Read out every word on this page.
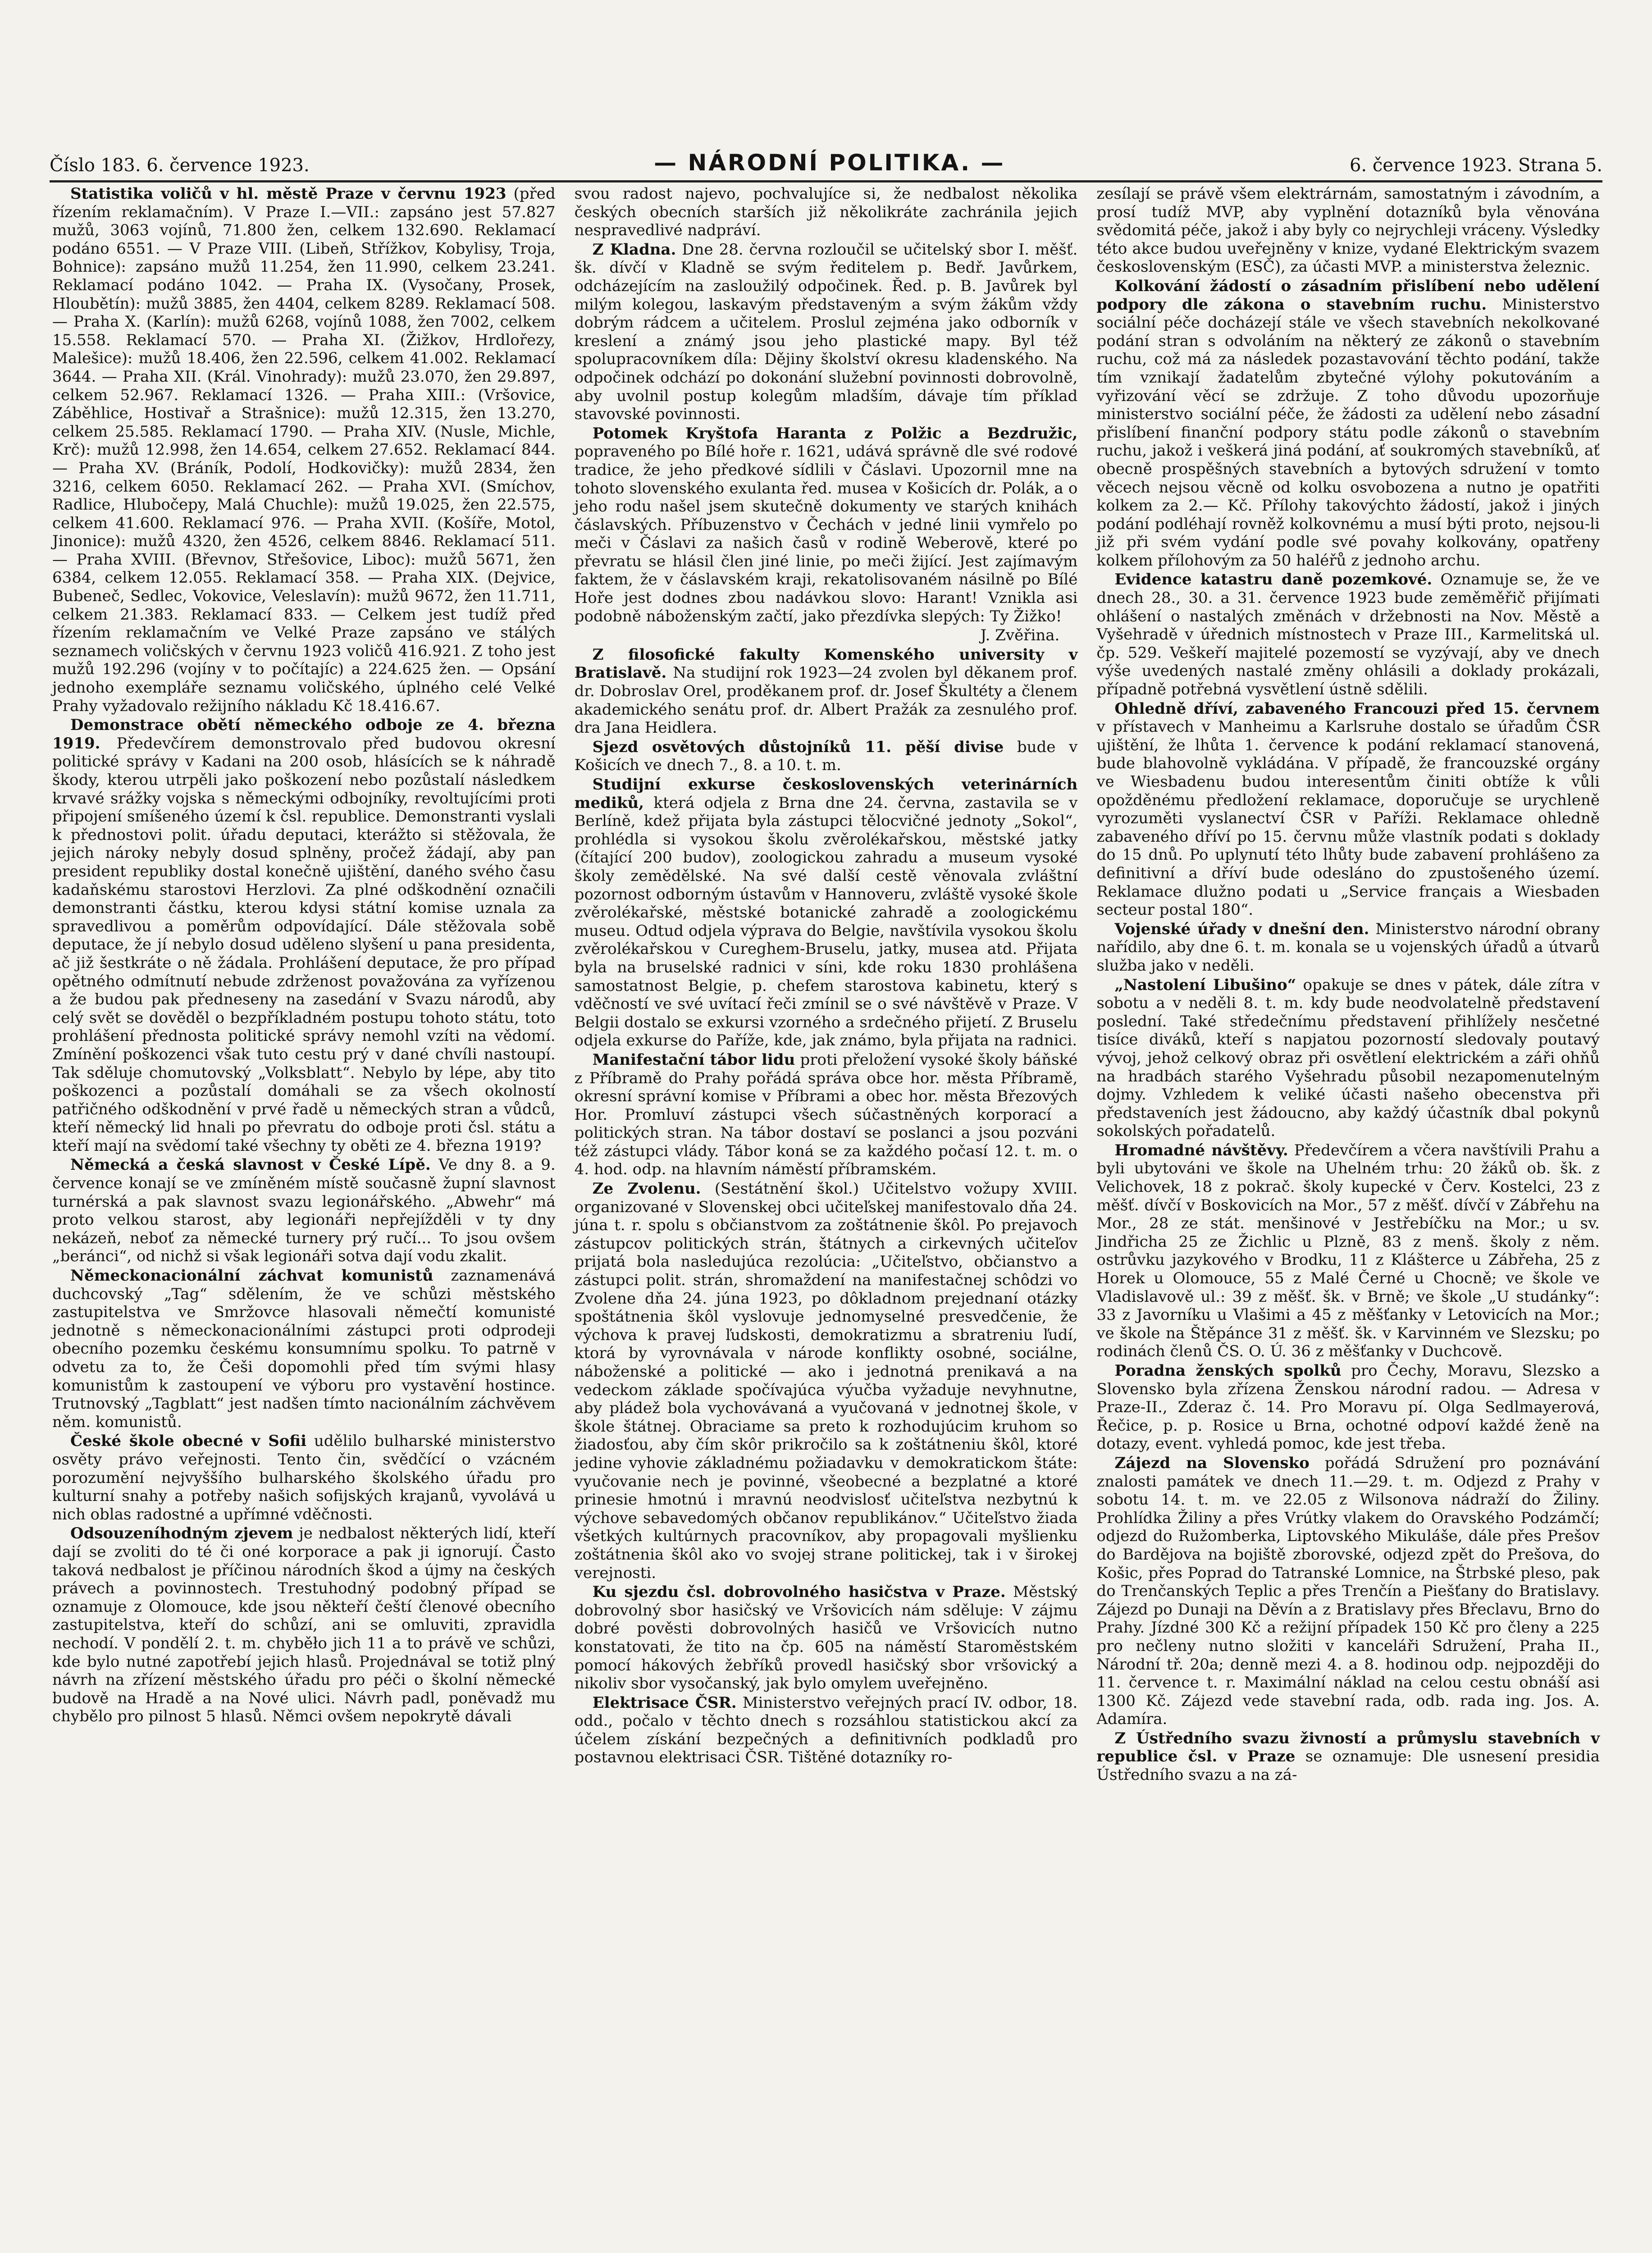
Číslo 183. 6. července 1923.	— NÁRODNÍ POLITIKA. —	6. července 1923. Strana 5.

Statistika voličů v hl. městě Praze v červnu 1923 (před řízením reklamačním). V Praze I.—VII.: zapsáno jest 57.827 mužů, 3063 vojínů, 71.800 žen, celkem 132.690. Reklamací podáno 6551. — V Praze VIII. (Libeň, Střížkov, Kobylisy, Troja, Bohnice): zapsáno mužů 11.254, žen 11.990, celkem 23.241. Reklamací podáno 1042. — Praha IX. (Vysočany, Prosek, Hloubětín): mužů 3885, žen 4404, celkem 8289. Reklamací 508. — Praha X. (Karlín): mužů 6268, vojínů 1088, žen 7002, celkem 15.558. Reklamací 570. — Praha XI. (Žižkov, Hrdlořezy, Malešice): mužů 18.406, žen 22.596, celkem 41.002. Reklamací 3644. — Praha XII. (Král. Vinohrady): mužů 23.070, žen 29.897, celkem 52.967. Reklamací 1326. — Praha XIII.: (Vršovice, Záběhlice, Hostivař a Strašnice): mužů 12.315, žen 13.270, celkem 25.585. Reklamací 1790. — Praha XIV. (Nusle, Michle, Krč): mužů 12.998, žen 14.654, celkem 27.652. Reklamací 844. — Praha XV. (Bráník, Podolí, Hodkovičky): mužů 2834, žen 3216, celkem 6050. Reklamací 262. — Praha XVI. (Smíchov, Radlice, Hlubočepy, Malá Chuchle): mužů 19.025, žen 22.575, celkem 41.600. Reklamací 976. — Praha XVII. (Košíře, Motol, Jinonice): mužů 4320, žen 4526, celkem 8846. Reklamací 511. — Praha XVIII. (Břevnov, Střešovice, Liboc): mužů 5671, žen 6384, celkem 12.055. Reklamací 358. — Praha XIX. (Dejvice, Bubeneč, Sedlec, Vokovice, Veleslavín): mužů 9672, žen 11.711, celkem 21.383. Reklamací 833. — Celkem jest tudíž před řízením reklamačním ve Velké Praze zapsáno ve stálých seznamech voličských v červnu 1923 voličů 416.921. Z toho jest mužů 192.296 (vojíny v to počítajíc) a 224.625 žen. — Opsání jednoho exempláře seznamu voličského, úplného celé Velké Prahy vyžadovalo režijního nákladu Kč 18.416.67.

Demonstrace obětí německého odboje ze 4. března 1919. Předevčírem demonstrovalo před budovou okresní politické správy v Kadani na 200 osob, hlásících se k náhradě škody, kterou utrpěli jako poškození nebo pozůstalí následkem krvavé srážky vojska s německými odbojníky, revoltujícími proti připojení smíšeného území k čsl. republice. Demonstranti vyslali k přednostovi polit. úřadu deputaci, kterážto si stěžovala, že jejich nároky nebyly dosud splněny, pročež žádají, aby pan president republiky dostal konečně ujištění, daného svého času kadaňskému starostovi Herzlovi. Za plné odškodnění označili demonstranti částku, kterou kdysi státní komise uznala za spravedlivou a poměrům odpovídající. Dále stěžovala sobě deputace, že jí nebylo dosud uděleno slyšení u pana presidenta, ač již šestkráte o ně žádala. Prohlášení deputace, že pro případ opětného odmítnutí nebude zdrženost považována za vyřízenou a že budou pak předneseny na zasedání v Svazu národů, aby celý svět se dověděl o bezpříkladném postupu tohoto státu, toto prohlášení přednosta politické správy nemohl vzíti na vědomí. Zmínění poškozenci však tuto cestu prý v dané chvíli nastoupí. Tak sděluje chomutovský „Volksblatt“. Nebylo by lépe, aby tito poškozenci a pozůstalí domáhali se za všech okolností patřičného odškodnění v prvé řadě u německých stran a vůdců, kteří německý lid hnali po převratu do odboje proti čsl. státu a kteří mají na svědomí také všechny ty oběti ze 4. března 1919?

Německá a česká slavnost v České Lípě. Ve dny 8. a 9. července konají se ve zmíněném místě současně župní slavnost turnérská a pak slavnost svazu legionářského. „Abwehr“ má proto velkou starost, aby legionáři nepřejížděli v ty dny nekázeň, neboť za německé turnery prý ručí... To jsou ovšem „beránci“, od nichž si však legionáři sotva dají vodu zkalit.

Německonacionální záchvat komunistů zaznamenává duchcovský „Tag“ sdělením, že ve schůzi městského zastupitelstva ve Smržovce hlasovali němečtí komunisté jednotně s německonacionálními zástupci proti odprodeji obecního pozemku českému konsumnímu spolku. To patrně v odvetu za to, že Češi dopomohli před tím svými hlasy komunistům k zastoupení ve výboru pro vystavění hostince. Trutnovský „Tagblatt“ jest nadšen tímto nacionálním záchvěvem něm. komunistů.

České škole obecné v Sofii udělilo bulharské ministerstvo osvěty právo veřejnosti. Tento čin, svědčící o vzácném porozumění nejvyššího bulharského školského úřadu pro kulturní snahy a potřeby našich sofijských krajanů, vyvolává u nich oblas radostné a upřímné vděčnosti.

Odsouzeníhodným zjevem je nedbalost některých lidí, kteří dají se zvoliti do té či oné korporace a pak ji ignorují. Často taková nedbalost je příčinou národních škod a újmy na českých právech a povinnostech. Trestuhodný podobný případ se oznamuje z Olomouce, kde jsou někteří čeští členové obecního zastupitelstva, kteří do schůzí, ani se omluviti, zpravidla nechodí. V pondělí 2. t. m. chyběło jich 11 a to právě ve schůzi, kde bylo nutné zapotřebí jejich hlasů. Projednával se totiž plný návrh na zřízení městského úřadu pro péči o školní německé budově na Hradě a na Nové ulici. Návrh padl, poněvadž mu chybělo pro pilnost 5 hlasů. Němci ovšem nepokrytě dávali

svou radost najevo, pochvalujíce si, že nedbalost několika českých obecních starších již několikráte zachránila jejich nespravedlivé nadpráví.

Z Kladna. Dne 28. června rozloučil se učitelský sbor I. měšť. šk. dívčí v Kladně se svým ředitelem p. Bedř. Javůrkem, odcházejícím na zasloužilý odpočinek. Řed. p. B. Javůrek byl milým kolegou, laskavým představeným a svým žákům vždy dobrým rádcem a učitelem. Proslul zejména jako odborník v kreslení a známý jsou jeho plastické mapy. Byl též spolupracovníkem díla: Dějiny školství okresu kladenského. Na odpočinek odchází po dokonání služební povinnosti dobrovolně, aby uvolnil postup kolegům mladším, dávaje tím příklad stavovské povinnosti.

Potomek Kryštofa Haranta z Polžic a Bezdružic, popraveného po Bílé hoře r. 1621, udává správně dle své rodové tradice, že jeho předkové sídlili v Čáslavi. Upozornil mne na tohoto slovenského exulanta řed. musea v Košicích dr. Polák, a o jeho rodu našel jsem skutečně dokumenty ve starých knihách čáslavských. Příbuzenstvo v Čechách v jedné linii vymřelo po meči v Čáslavi za našich časů v rodině Weberově, které po převratu se hlásil člen jiné linie, po meči žijící. Jest zajímavým faktem, že v čáslavském kraji, rekatolisovaném násilně po Bílé Hoře jest dodnes zbou nadávkou slovo: Harant! Vznikla asi podobně náboženským začtí, jako přezdívka slepých: Ty Žižko!

J. Zvěřina.

Z filosofické fakulty Komenského university v Bratislavě. Na studijní rok 1923—24 zvolen byl děkanem prof. dr. Dobroslav Orel, proděkanem prof. dr. Josef Škultéty a členem akademického senátu prof. dr. Albert Pražák za zesnulého prof. dra Jana Heidlera.

Sjezd osvětových důstojníků 11. pěší divise bude v Košicích ve dnech 7., 8. a 10. t. m.

Studijní exkurse československých veterinárních mediků, která odjela z Brna dne 24. června, zastavila se v Berlíně, kdež přijata byla zástupci tělocvičné jednoty „Sokol“, prohlédla si vysokou školu zvěrolékařskou, městské jatky (čítající 200 budov), zoologickou zahradu a museum vysoké školy zemědělské. Na své další cestě věnovala zvláštní pozornost odborným ústavům v Hannoveru, zvláště vysoké škole zvěrolékařské, městské botanické zahradě a zoologickému museu. Odtud odjela výprava do Belgie, navštívila vysokou školu zvěrolékařskou v Cureghem-Bruselu, jatky, musea atd. Přijata byla na bruselské radnici v síni, kde roku 1830 prohlášena samostatnost Belgie, p. chefem starostova kabinetu, který s vděčností ve své uvítací řeči zmínil se o své návštěvě v Praze. V Belgii dostalo se exkursi vzorného a srdečného přijetí. Z Bruselu odjela exkurse do Paříže, kde, jak známo, byla přijata na radnici.

Manifestační tábor lidu proti přeložení vysoké školy báňské z Příbramě do Prahy pořádá správa obce hor. města Příbramě, okresní správní komise v Příbrami a obec hor. města Březových Hor. Promluví zástupci všech súčastněných korporací a politických stran. Na tábor dostaví se poslanci a jsou pozváni též zástupci vlády. Tábor koná se za každého počasí 12. t. m. o 4. hod. odp. na hlavním náměstí příbramském.

Ze Zvolenu. (Sestátnění škol.) Učitelstvo vožupy XVIII. organizované v Slovenskej obci učiteľskej manifestovalo dňa 24. júna t. r. spolu s občianstvom za zoštátnenie škôl. Po prejavoch zástupcov politických strán, štátnych a cirkevných učiteľov prijatá bola nasledujúca rezolúcia: „Učiteľstvo, občianstvo a zástupci polit. strán, shromaždení na manifestačnej schôdzi vo Zvolene dňa 24. júna 1923, po dôkladnom prejednaní otázky spoštátnenia škôl vyslovuje jednomyselné presvedčenie, že výchova k pravej ľudskosti, demokratizmu a sbratreniu ľudí, ktorá by vyrovnávala v národe konflikty osobné, sociálne, náboženské a politické — ako i jednotná prenikavá a na vedeckom základe spočívajúca výučba vyžaduje nevyhnutne, aby pládež bola vychovávaná a vyučovaná v jednotnej škole, v škole štátnej. Obraciame sa preto k rozhodujúcim kruhom so žiadosťou, aby čím skôr prikročilo sa k zoštátneniu škôl, ktoré jedine vyhovie základnému požiadavku v demokratickom štáte: vyučovanie nech je povinné, všeobecné a bezplatné a ktoré prinesie hmotnú i mravnú neodvislosť učiteľstva nezbytnú k výchove sebavedomých občanov republikánov.“ Učiteľstvo žiada všetkých kultúrnych pracovníkov, aby propagovali myšlienku zoštátnenia škôl ako vo svojej strane politickej, tak i v širokej verejnosti.

Ku sjezdu čsl. dobrovolného hasičstva v Praze. Městský dobrovolný sbor hasičský ve Vršovicích nám sděluje: V zájmu dobré pověsti dobrovolných hasičů ve Vršovicích nutno konstatovati, že tito na čp. 605 na náměstí Staroměstském pomocí hákových žebříků provedl hasičský sbor vršovický a nikoliv sbor vysočanský, jak bylo omylem uveřejněno.

Elektrisace ČSR. Ministerstvo veřejných prací IV. odbor, 18. odd., počalo v těchto dnech s rozsáhlou statistickou akcí za účelem získání bezpečných a definitivních podkladů pro postavnou elektrisaci ČSR. Tištěné dotazníky ro-

zesílají se právě všem elektrárnám, samostatným i závodním, a prosí tudíž MVP, aby vyplnění dotazníků byla věnována svědomitá péče, jakož i aby byly co nejrychleji vráceny. Výsledky této akce budou uveřejněny v knize, vydané Elektrickým svazem československým (ESČ), za účasti MVP. a ministerstva železnic.

Kolkování žádostí o zásadním přislíbení nebo udělení podpory dle zákona o stavebním ruchu. Ministerstvo sociální péče docházejí stále ve všech stavebních nekolkované podání stran s odvoláním na některý ze zákonů o stavebním ruchu, což má za následek pozastavování těchto podání, takže tím vznikají žadatelům zbytečné výlohy pokutováním a vyřizování věcí se zdržuje. Z toho důvodu upozorňuje ministerstvo sociální péče, že žádosti za udělení nebo zásadní přislíbení finanční podpory státu podle zákonů o stavebním ruchu, jakož i veškerá jiná podání, ať soukromých stavebníků, ať obecně prospěšných stavebních a bytových sdružení v tomto věcech nejsou věcně od kolku osvobozena a nutno je opatřiti kolkem za 2.— Kč. Přílohy takovýchto žádostí, jakož i jiných podání podléhají rovněž kolkovnému a musí býti proto, nejsou-li již při svém vydání podle své povahy kolkovány, opatřeny kolkem přílohovým za 50 haléřů z jednoho archu.

Evidence katastru daně pozemkové. Oznamuje se, že ve dnech 28., 30. a 31. července 1923 bude zeměměřič přijímati ohlášení o nastalých změnách v držebnosti na Nov. Městě a Vyšehradě v úřednich místnostech v Praze III., Karmelitská ul. čp. 529. Veškeří majitelé pozemostí se vyzývají, aby ve dnech výše uvedených nastalé změny ohlásili a doklady prokázali, případně potřebná vysvětlení ústně sdělili.

Ohledně dříví, zabaveného Francouzi před 15. červnem v přístavech v Manheimu a Karlsruhe dostalo se úřadům ČSR ujištění, že lhůta 1. července k podání reklamací stanovená, bude blahovolně vykládána. V případě, že francouzské orgány ve Wiesbadenu budou interesentům činiti obtíže k vůli opožděnému předložení reklamace, doporučuje se urychleně vyrozuměti vyslanectví ČSR v Paříži. Reklamace ohledně zabaveného dříví po 15. červnu může vlastník podati s doklady do 15 dnů. Po uplynutí této lhůty bude zabavení prohlášeno za definitivní a dříví bude odesláno do zpustošeného území. Reklamace dlužno podati u „Service français a Wiesbaden secteur postal 180“.

Vojenské úřady v dnešní den. Ministerstvo národní obrany nařídilo, aby dne 6. t. m. konala se u vojenských úřadů a útvarů služba jako v neděli.

„Nastolení Libušino“ opakuje se dnes v pátek, dále zítra v sobotu a v neděli 8. t. m. kdy bude neodvolatelně představení poslední. Také středečnímu představení přihlížely nesčetné tisíce diváků, kteří s napjatou pozorností sledovaly poutavý vývoj, jehož celkový obraz při osvětlení elektrickém a záři ohňů na hradbách starého Vyšehradu působil nezapomenutelným dojmy. Vzhledem k veliké účasti našeho obecenstva při představeních jest žádoucno, aby každý účastník dbal pokynů sokolských pořadatelů.

Hromadné návštěvy. Předevčírem a včera navštívili Prahu a byli ubytováni ve škole na Uhelném trhu: 20 žáků ob. šk. z Velichovek, 18 z pokrač. školy kupecké v Červ. Kostelci, 23 z měšť. dívčí v Boskovicích na Mor., 57 z měšť. dívčí v Zábřehu na Mor., 28 ze stát. menšinové v Jestřebíčku na Mor.; u sv. Jindřicha 25 ze Žichlic u Plzně, 83 z menš. školy z něm. ostrůvku jazykového v Brodku, 11 z Klášterce u Zábřeha, 25 z Horek u Olomouce, 55 z Malé Černé u Chocně; ve škole ve Vladislavově ul.: 39 z měšť. šk. v Brně; ve škole „U studánky“: 33 z Javorníku u Vlašimi a 45 z měšťanky v Letovicích na Mor.; ve škole na Štěpánce 31 z měšť. šk. v Karvinném ve Slezsku; po rodinách členů ČS. O. Ú. 36 z měšťanky v Duchcově.

Poradna ženských spolků pro Čechy, Moravu, Slezsko a Slovensko byla zřízena Ženskou národní radou. — Adresa v Praze-II., Zderaz č. 14. Pro Moravu pí. Olga Sedlmayerová, Řečice, p. p. Rosice u Brna, ochotné odpoví každé ženě na dotazy, event. vyhledá pomoc, kde jest třeba.

Zájezd na Slovensko pořádá Sdružení pro poznávání znalosti památek ve dnech 11.—29. t. m. Odjezd z Prahy v sobotu 14. t. m. ve 22.05 z Wilsonova nádraží do Žiliny. Prohlídka Žiliny a přes Vrútky vlakem do Oravského Podzámčí; odjezd do Ružomberka, Liptovského Mikuláše, dále přes Prešov do Bardějova na bojiště zborovské, odjezd zpět do Prešova, do Košic, přes Poprad do Tatranské Lomnice, na Štrbské pleso, pak do Trenčanských Teplic a přes Trenčín a Piešťany do Bratislavy. Zájezd po Dunaji na Děvín a z Bratislavy přes Břeclavu, Brno do Prahy. Jízdné 300 Kč a režijní případek 150 Kč pro členy a 225 pro nečleny nutno složiti v kanceláři Sdružení, Praha II., Národní tř. 20a; denně mezi 4. a 8. hodinou odp. nejpozději do 11. července t. r. Maximální náklad na celou cestu obnáší asi 1300 Kč. Zájezd vede stavební rada, odb. rada ing. Jos. A. Adamíra.

Z Ústředního svazu živností a průmyslu stavebních v republice čsl. v Praze se oznamuje: Dle usnesení presidia Ústředního svazu a na zá-
